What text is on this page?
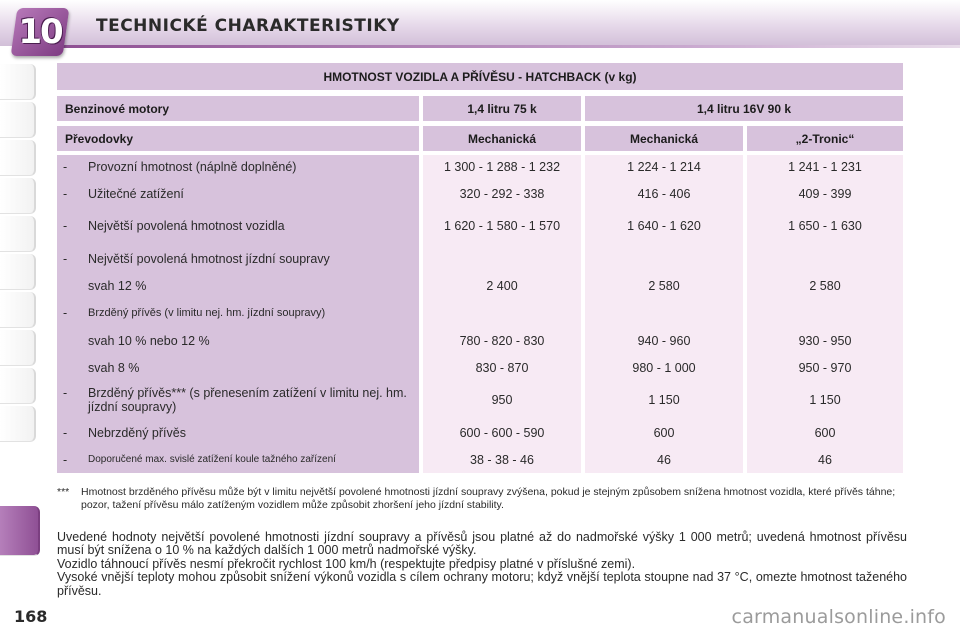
10 TECHNICKÉ CHARAKTERISTIKY
HMOTNOST VOZIDLA A PŘÍVĚSU - HATCHBACK (v kg)
Benzinové motory	1,4 litru 75 k	1,4 litru 16V 90 k
Převodovky	Mechanická	Mechanická	„2-Tronic“
-	Provozní hmotnost (náplně doplněné)	1 300 - 1 288 - 1 232	1 224 - 1 214	1 241 - 1 231
-	Užitečné zatížení	320 - 292 - 338	416 - 406	409 - 399
-	Největší povolená hmotnost vozidla	1 620 - 1 580 - 1 570	1 640 - 1 620	1 650 - 1 630
-	Největší povolená hmotnost jízdní soupravy
svah 12 %	2 400	2 580	2 580
-	Brzděný přívěs (v limitu nej. hm. jízdní soupravy)
svah 10 % nebo 12 %	780 - 820 - 830	940 - 960	930 - 950
svah 8 %	830 - 870	980 - 1 000	950 - 970
-	Brzděný přívěs*** (s přenesením zatížení v limitu nej. hm. jízdní soupravy)	950	1 150	1 150
-	Nebrzděný přívěs	600 - 600 - 590	600	600
-	Doporučené max. svislé zatížení koule tažného zařízení	38 - 38 - 46	46	46
*** Hmotnost brzděného přívěsu může být v limitu největší povolené hmotnosti jízdní soupravy zvýšena, pokud je stejným způsobem snížena hmotnost vozidla, které přívěs táhne; pozor, tažení přívěsu málo zatíženým vozidlem může způsobit zhoršení jeho jízdní stability.

Uvedené hodnoty největší povolené hmotnosti jízdní soupravy a přívěsů jsou platné až do nadmořské výšky 1 000 metrů; uvedená hmotnost přívěsu musí být snížena o 10 % na každých dalších 1 000 metrů nadmořské výšky.

Vozidlo táhnoucí přívěs nesmí překročit rychlost 100 km/h (respektujte předpisy platné v příslušné zemi).

Vysoké vnější teploty mohou způsobit snížení výkonů vozidla s cílem ochrany motoru; když vnější teplota stoupne nad 37 °C, omezte hmotnost taženého přívěsu.

168	carmanualsonline.info
